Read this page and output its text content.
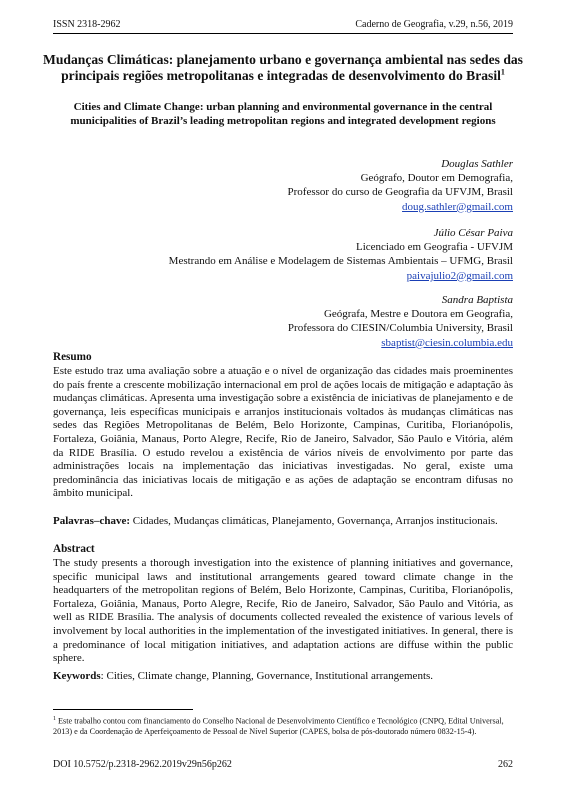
ISSN 2318-2962	Caderno de Geografia, v.29, n.56, 2019
Mudanças Climáticas: planejamento urbano e governança ambiental nas sedes das principais regiões metropolitanas e integradas de desenvolvimento do Brasil$^1$
Cities and Climate Change: urban planning and environmental governance in the central municipalities of Brazil’s leading metropolitan regions and integrated development regions
Douglas Sathler
Geógrafo, Doutor em Demografia,
Professor do curso de Geografia da UFVJM, Brasil
doug.sathler@gmail.com
Júlio César Paiva
Licenciado em Geografia - UFVJM
Mestrando em Análise e Modelagem de Sistemas Ambientais – UFMG, Brasil
paivajulio2@gmail.com
Sandra Baptista
Geógrafa, Mestre e Doutora em Geografia,
Professora do CIESIN/Columbia University, Brasil
sbaptist@ciesin.columbia.edu
Resumo
Este estudo traz uma avaliação sobre a atuação e o nível de organização das cidades mais proeminentes do país frente a crescente mobilização internacional em prol de ações locais de mitigação e adaptação às mudanças climáticas. Apresenta uma investigação sobre a existência de iniciativas de planejamento e de governança, leis específicas municipais e arranjos institucionais voltados às mudanças climáticas nas sedes das Regiões Metropolitanas de Belém, Belo Horizonte, Campinas, Curitiba, Florianópolis, Fortaleza, Goiânia, Manaus, Porto Alegre, Recife, Rio de Janeiro, Salvador, São Paulo e Vitória, além da RIDE Brasília. O estudo revelou a existência de vários níveis de envolvimento por parte das administrações locais na implementação das iniciativas investigadas. No geral, existe uma predominância das iniciativas locais de mitigação e as ações de adaptação se encontram difusas no âmbito municipal.
Palavras–chave: Cidades, Mudanças climáticas, Planejamento, Governança, Arranjos institucionais.
Abstract
The study presents a thorough investigation into the existence of planning initiatives and governance, specific municipal laws and institutional arrangements geared toward climate change in the headquarters of the metropolitan regions of Belém, Belo Horizonte, Campinas, Curitiba, Florianópolis, Fortaleza, Goiânia, Manaus, Porto Alegre, Recife, Rio de Janeiro, Salvador, São Paulo and Vitória, as well as RIDE Brasília. The analysis of documents collected revealed the existence of various levels of involvement by local authorities in the implementation of the investigated initiatives. In general, there is a predominance of local mitigation initiatives, and adaptation actions are diffuse within the public sphere.
Keywords: Cities, Climate change, Planning, Governance, Institutional arrangements.
$^1$ Este trabalho contou com financiamento do Conselho Nacional de Desenvolvimento Científico e Tecnológico (CNPQ, Edital Universal, 2013) e da Coordenação de Aperfeiçoamento de Pessoal de Nível Superior (CAPES, bolsa de pós-doutorado número 0832-15-4).
DOI 10.5752/p.2318-2962.2019v29n56p262	262
